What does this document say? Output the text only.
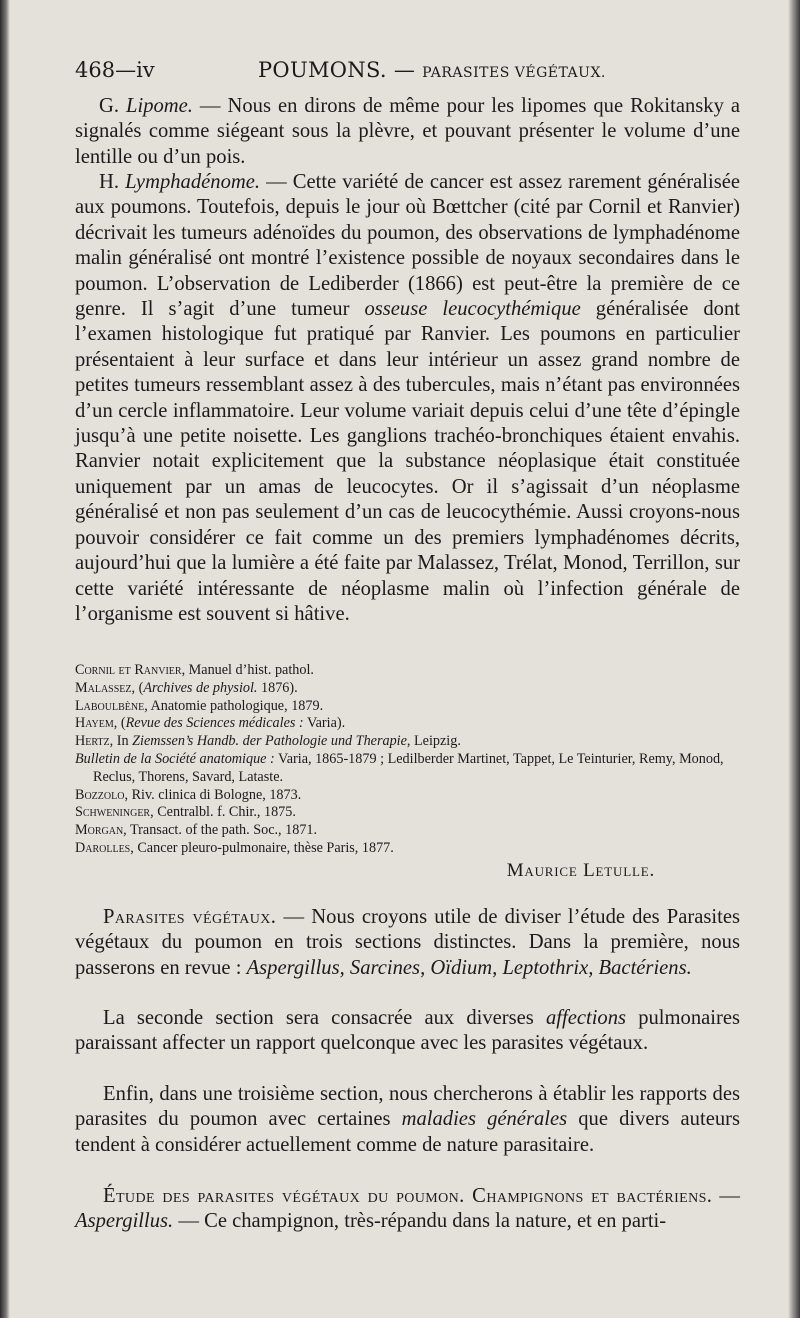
468—iv	POUMONS. — PARASITES VÉGÉTAUX.

G. Lipome. — Nous en dirons de même pour les lipomes que Rokitansky a signalés comme siégeant sous la plèvre, et pouvant présenter le volume d’une lentille ou d’un pois.

H. Lymphadénome. — Cette variété de cancer est assez rarement généralisée aux poumons. Toutefois, depuis le jour où Bœttcher (cité par Cornil et Ranvier) décrivait les tumeurs adénoïdes du poumon, des observations de lymphadénome malin généralisé ont montré l’existence possible de noyaux secondaires dans le poumon. L’observation de Lediberder (1866) est peut-être la première de ce genre. Il s’agit d’une tumeur osseuse leucocythémique généralisée dont l’examen histologique fut pratiqué par Ranvier. Les poumons en particulier présentaient à leur surface et dans leur intérieur un assez grand nombre de petites tumeurs ressemblant assez à des tubercules, mais n’étant pas environnées d’un cercle inflammatoire. Leur volume variait depuis celui d’une tête d’épingle jusqu’à une petite noisette. Les ganglions trachéo-bronchiques étaient envahis. Ranvier notait explicitement que la substance néoplasique était constituée uniquement par un amas de leucocytes. Or il s’agissait d’un néoplasme généralisé et non pas seulement d’un cas de leucocythémie. Aussi croyons-nous pouvoir considérer ce fait comme un des premiers lymphadénomes décrits, aujourd’hui que la lumière a été faite par Malassez, Trélat, Monod, Terrillon, sur cette variété intéressante de néoplasme malin où l’infection générale de l’organisme est souvent si hâtive.

Cornil et Ranvier, Manuel d’hist. pathol.

Malassez, (Archives de physiol. 1876).

Laboulbène, Anatomie pathologique, 1879.

Hayem, (Revue des Sciences médicales : Varia).

Hertz, In Ziemssen’s Handb. der Pathologie und Therapie, Leipzig.

Bulletin de la Société anatomique : Varia, 1865-1879 ; Ledilberder Martinet, Tappet, Le Teinturier, Remy, Monod, Reclus, Thorens, Savard, Lataste.

Bozzolo, Riv. clinica di Bologne, 1873.

Schweninger, Centralbl. f. Chir., 1875.

Morgan, Transact. of the path. Soc., 1871.

Darolles, Cancer pleuro-pulmonaire, thèse Paris, 1877.

Maurice Letulle.

Parasites végétaux. — Nous croyons utile de diviser l’étude des Parasites végétaux du poumon en trois sections distinctes. Dans la première, nous passerons en revue : Aspergillus, Sarcines, Oïdium, Leptothrix, Bactériens.

La seconde section sera consacrée aux diverses affections pulmonaires paraissant affecter un rapport quelconque avec les parasites végétaux.

Enfin, dans une troisième section, nous chercherons à établir les rapports des parasites du poumon avec certaines maladies générales que divers auteurs tendent à considérer actuellement comme de nature parasitaire.

Étude des parasites végétaux du poumon. Champignons et bactériens. — Aspergillus. — Ce champignon, très-répandu dans la nature, et en parti-
